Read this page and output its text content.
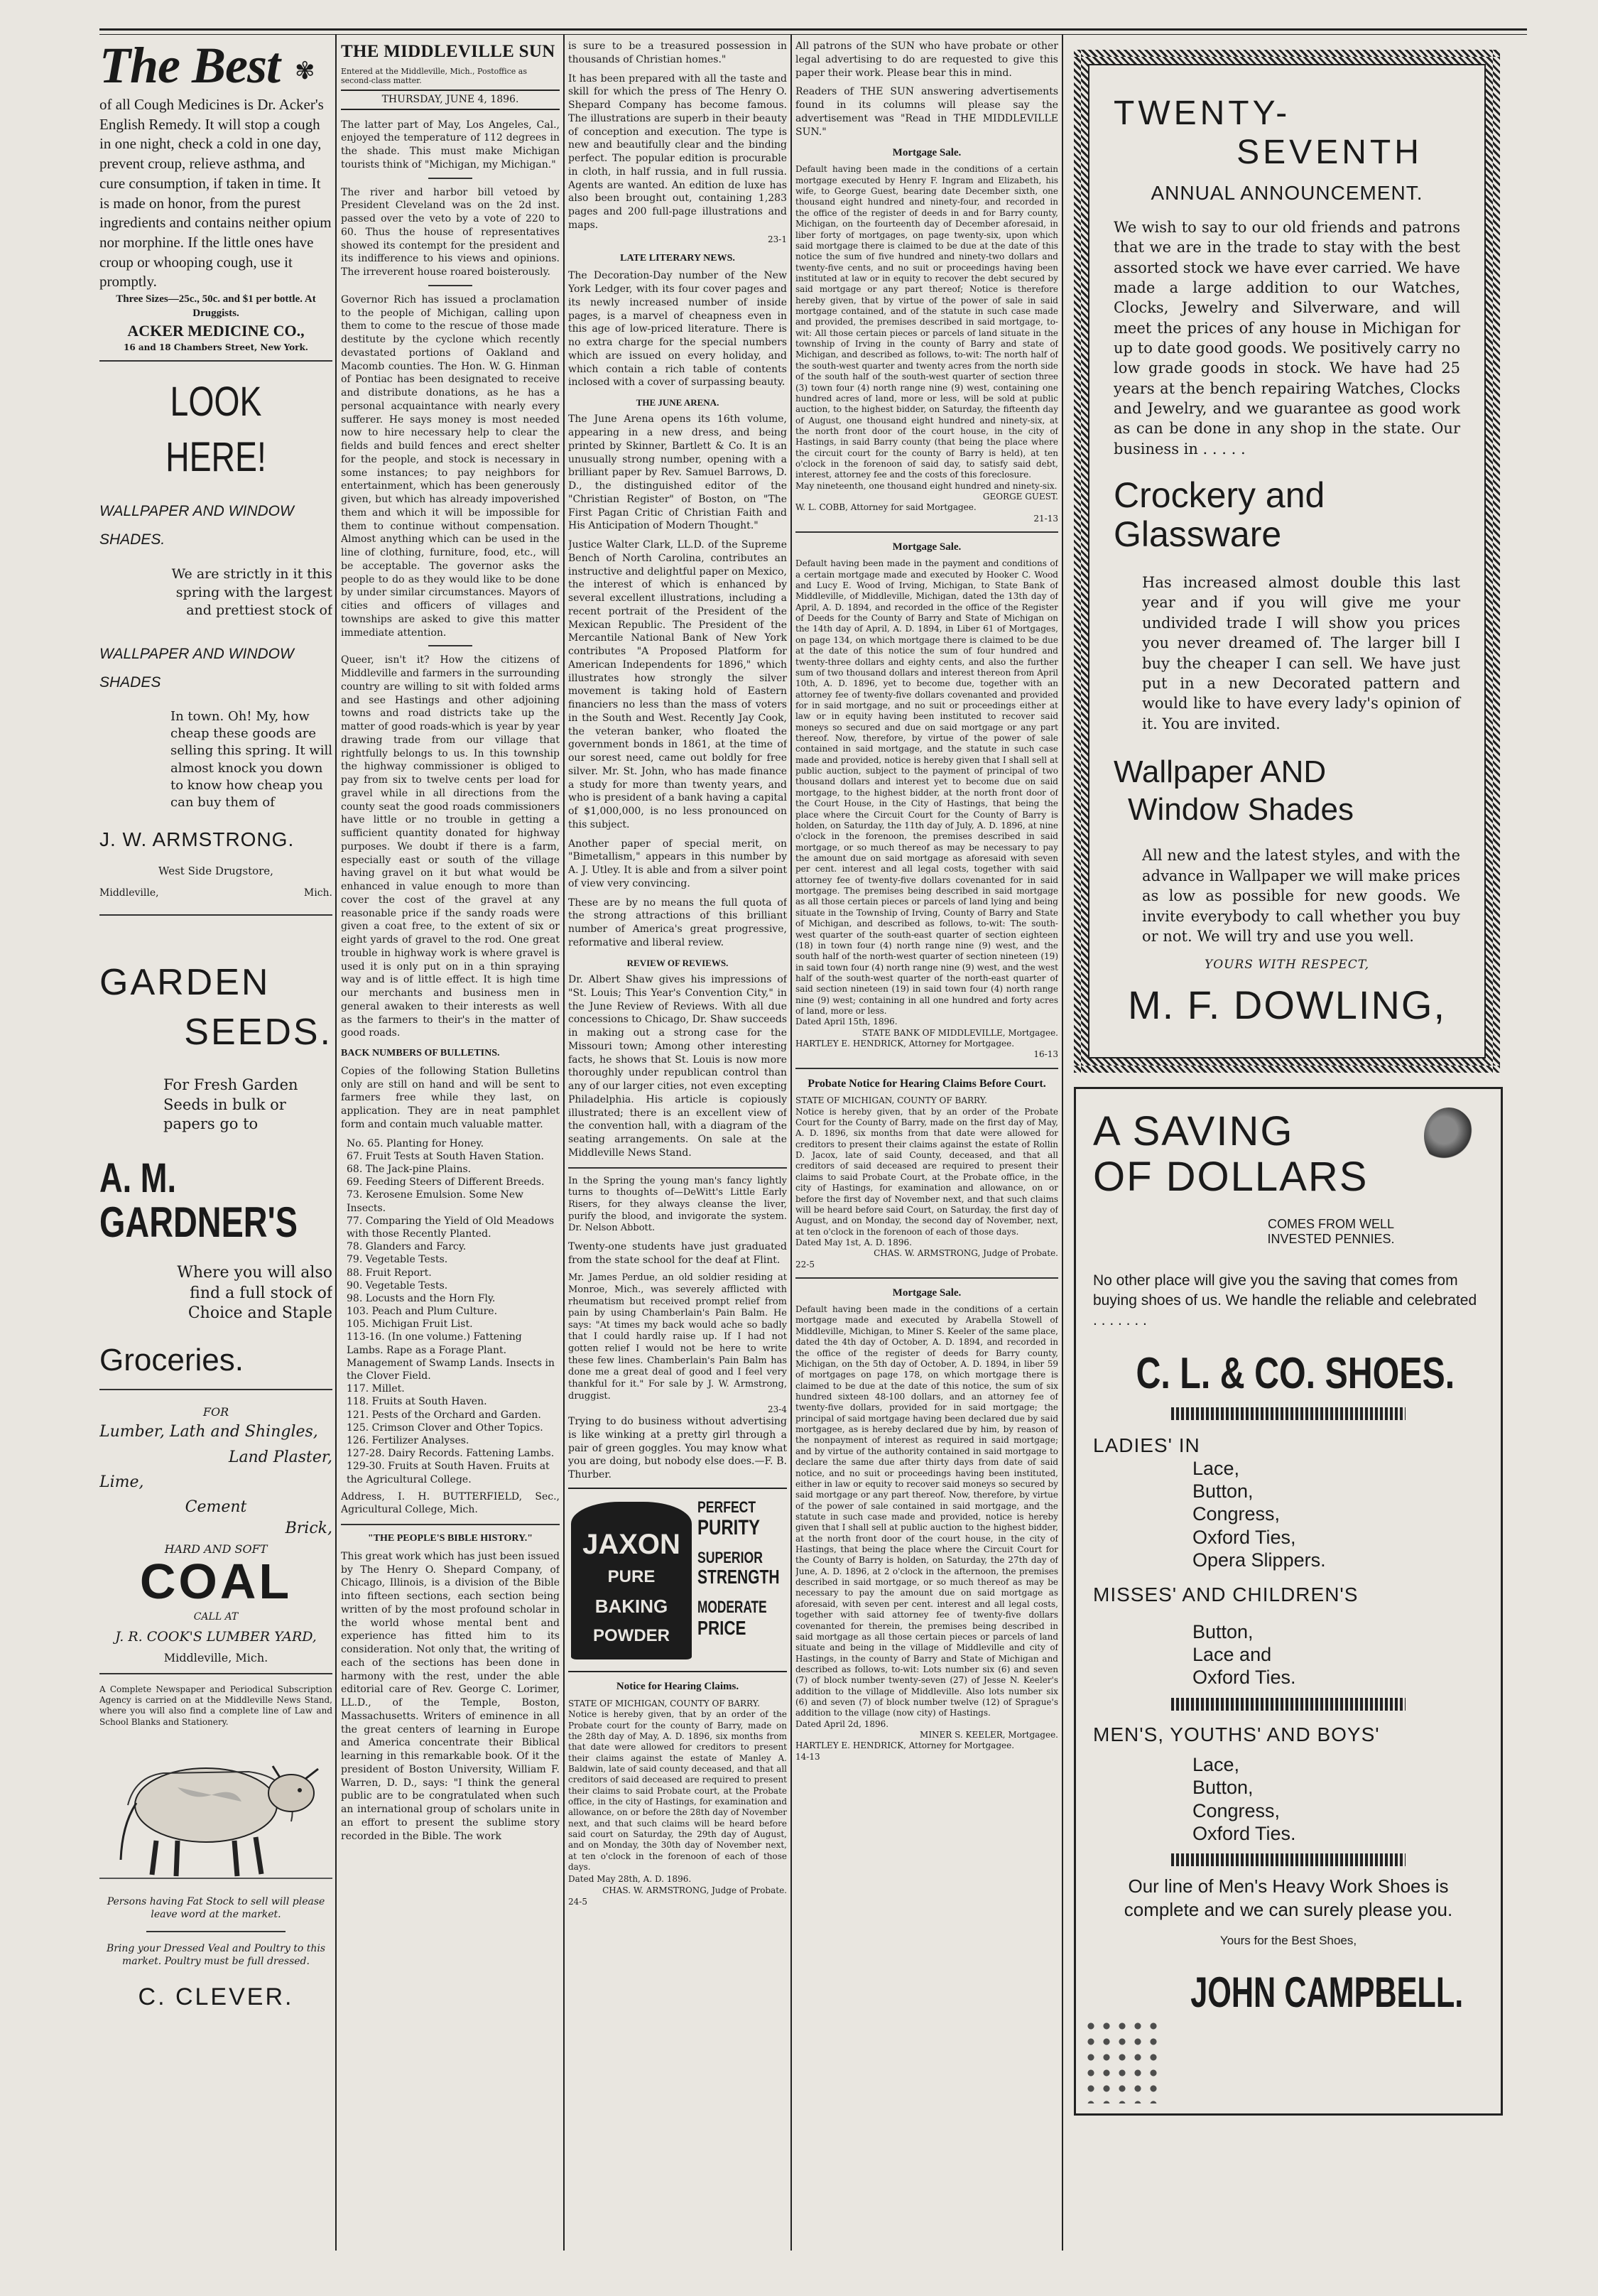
The Best ✾
of all Cough Medicines is Dr. Acker's English Remedy. It will stop a cough in one night, check a cold in one day, prevent croup, relieve asthma, and cure consumption, if taken in time. It is made on honor, from the purest ingredients and contains neither opium nor morphine. If the little ones have croup or whooping cough, use it promptly.
Three Sizes—25c., 50c. and $1 per bottle. At Druggists.
ACKER MEDICINE CO.,
16 and 18 Chambers Street, New York.
LOOK HERE!
WALLPAPER AND WINDOW SHADES.
We are strictly in it this spring with the largest and prettiest stock of
WALLPAPER AND WINDOW SHADES
In town. Oh! My, how cheap these goods are selling this spring. It will almost knock you down to know how cheap you can buy them of
J. W. ARMSTRONG.
West Side Drugstore,
Middleville,	Mich.
GARDEN
SEEDS.
For Fresh Garden Seeds in bulk or papers go to
A. M.
GARDNER'S
Where you will also find a full stock of Choice and Staple
Groceries.
FOR
Lumber, Lath and Shingles,
Land Plaster,
Lime,
Cement
Brick,
HARD AND SOFT
COAL
CALL AT
J. R. COOK'S LUMBER YARD,
Middleville, Mich.
A Complete Newspaper and Periodical Subscription Agency is carried on at the Middleville News Stand, where you will also find a complete line of Law and School Blanks and Stationery.
Persons having Fat Stock to sell will please leave word at the market.
Bring your Dressed Veal and Poultry to this market. Poultry must be full dressed.
C. CLEVER.
THE MIDDLEVILLE SUN
Entered at the Middleville, Mich., Postoffice as second-class matter.
THURSDAY, JUNE 4, 1896.
The latter part of May, Los Angeles, Cal., enjoyed the temperature of 112 degrees in the shade. This must make Michigan tourists think of "Michigan, my Michigan."
The river and harbor bill vetoed by President Cleveland was on the 2d inst. passed over the veto by a vote of 220 to 60. Thus the house of representatives showed its contempt for the president and its indifference to his views and opinions. The irreverent house roared boisterously.
Governor Rich has issued a proclamation to the people of Michigan, calling upon them to come to the rescue of those made destitute by the cyclone which recently devastated portions of Oakland and Macomb counties. The Hon. W. G. Hinman of Pontiac has been designated to receive and distribute donations, as he has a personal acquaintance with nearly every sufferer. He says money is most needed now to hire necessary help to clear the fields and build fences and erect shelter for the people, and stock is necessary in some instances; to pay neighbors for entertainment, which has been generously given, but which has already impoverished them and which it will be impossible for them to continue without compensation. Almost anything which can be used in the line of clothing, furniture, food, etc., will be acceptable. The governor asks the people to do as they would like to be done by under similar circumstances. Mayors of cities and officers of villages and townships are asked to give this matter immediate attention.
Queer, isn't it? How the citizens of Middleville and farmers in the surrounding country are willing to sit with folded arms and see Hastings and other adjoining towns and road districts take up the matter of good roads-which is year by year drawing trade from our village that rightfully belongs to us. In this township the highway commissioner is obliged to pay from six to twelve cents per load for gravel while in all directions from the county seat the good roads commissioners have little or no trouble in getting a sufficient quantity donated for highway purposes. We doubt if there is a farm, especially east or south of the village having gravel on it but what would be enhanced in value enough to more than cover the cost of the gravel at any reasonable price if the sandy roads were given a coat free, to the extent of six or eight yards of gravel to the rod. One great trouble in highway work is where gravel is used it is only put on in a thin spraying way and is of little effect. It is high time our merchants and business men in general awaken to their interests as well as the farmers to their's in the matter of good roads.
BACK NUMBERS OF BULLETINS.
Copies of the following Station Bulletins only are still on hand and will be sent to farmers free while they last, on application. They are in neat pamphlet form and contain much valuable matter.
No. 65. Planting for Honey.
67. Fruit Tests at South Haven Station.
68. The Jack-pine Plains.
69. Feeding Steers of Different Breeds.
73. Kerosene Emulsion. Some New Insects.
77. Comparing the Yield of Old Meadows with those Recently Planted.
78. Glanders and Farcy.
79. Vegetable Tests.
88. Fruit Report.
90. Vegetable Tests.
98. Locusts and the Horn Fly.
103. Peach and Plum Culture.
105. Michigan Fruit List.
113-16. (In one volume.) Fattening Lambs. Rape as a Forage Plant. Management of Swamp Lands. Insects in the Clover Field.
117. Millet.
118. Fruits at South Haven.
121. Pests of the Orchard and Garden.
125. Crimson Clover and Other Topics.
126. Fertilizer Analyses.
127-28. Dairy Records. Fattening Lambs.
129-30. Fruits at South Haven. Fruits at the Agricultural College.
Address, I. H. BUTTERFIELD, Sec., Agricultural College, Mich.
"THE PEOPLE'S BIBLE HISTORY."
This great work which has just been issued by The Henry O. Shepard Company, of Chicago, Illinois, is a division of the Bible into fifteen sections, each section being written of by the most profound scholar in the world whose mental bent and experience has fitted him to its consideration. Not only that, the writing of each of the sections has been done in harmony with the rest, under the able editorial care of Rev. George C. Lorimer, LL.D., of the Temple, Boston, Massachusetts. Writers of eminence in all the great centers of learning in Europe and America concentrate their Biblical learning in this remarkable book. Of it the president of Boston University, William F. Warren, D. D., says: "I think the general public are to be congratulated when such an international group of scholars unite in an effort to present the sublime story recorded in the Bible. The work
is sure to be a treasured possession in thousands of Christian homes."
It has been prepared with all the taste and skill for which the press of The Henry O. Shepard Company has become famous. The illustrations are superb in their beauty of conception and execution. The type is new and beautifully clear and the binding perfect. The popular edition is procurable in cloth, in half russia, and in full russia. Agents are wanted. An edition de luxe has also been brought out, containing 1,283 pages and 200 full-page illustrations and maps.
23-1
LATE LITERARY NEWS.
The Decoration-Day number of the New York Ledger, with its four cover pages and its newly increased number of inside pages, is a marvel of cheapness even in this age of low-priced literature. There is no extra charge for the special numbers which are issued on every holiday, and which contain a rich table of contents inclosed with a cover of surpassing beauty.
THE JUNE ARENA.
The June Arena opens its 16th volume, appearing in a new dress, and being printed by Skinner, Bartlett & Co. It is an unusually strong number, opening with a brilliant paper by Rev. Samuel Barrows, D. D., the distinguished editor of the "Christian Register" of Boston, on "The First Pagan Critic of Christian Faith and His Anticipation of Modern Thought."
Justice Walter Clark, LL.D. of the Supreme Bench of North Carolina, contributes an instructive and delightful paper on Mexico, the interest of which is enhanced by several excellent illustrations, including a recent portrait of the President of the Mexican Republic. The President of the Mercantile National Bank of New York contributes "A Proposed Platform for American Independents for 1896," which illustrates how strongly the silver movement is taking hold of Eastern financiers no less than the mass of voters in the South and West. Recently Jay Cook, the veteran banker, who floated the government bonds in 1861, at the time of our sorest need, came out boldly for free silver. Mr. St. John, who has made finance a study for more than twenty years, and who is president of a bank having a capital of $1,000,000, is no less pronounced on this subject.
Another paper of special merit, on "Bimetallism," appears in this number by A. J. Utley. It is able and from a silver point of view very convincing.
These are by no means the full quota of the strong attractions of this brilliant number of America's great progressive, reformative and liberal review.
REVIEW OF REVIEWS.
Dr. Albert Shaw gives his impressions of "St. Louis; This Year's Convention City," in the June Review of Reviews. With all due concessions to Chicago, Dr. Shaw succeeds in making out a strong case for the Missouri town; Among other interesting facts, he shows that St. Louis is now more thoroughly under republican control than any of our larger cities, not even excepting Philadelphia. His article is copiously illustrated; there is an excellent view of the convention hall, with a diagram of the seating arrangements. On sale at the Middleville News Stand.
In the Spring the young man's fancy lightly turns to thoughts of—DeWitt's Little Early Risers, for they always cleanse the liver, purify the blood, and invigorate the system. Dr. Nelson Abbott.
Twenty-one students have just graduated from the state school for the deaf at Flint.
Mr. James Perdue, an old soldier residing at Monroe, Mich., was severely afflicted with rheumatism but received prompt relief from pain by using Chamberlain's Pain Balm. He says: "At times my back would ache so badly that I could hardly raise up. If I had not gotten relief I would not be here to write these few lines. Chamberlain's Pain Balm has done me a great deal of good and I feel very thankful for it." For sale by J. W. Armstrong, druggist.
23-4
Trying to do business without advertising is like winking at a pretty girl through a pair of green goggles. You may know what you are doing, but nobody else does.—F. B. Thurber.
JAXON
PURE
BAKING
POWDER
PERFECT
PURITY
SUPERIOR
STRENGTH
MODERATE
PRICE
Notice for Hearing Claims.
STATE OF MICHIGAN, COUNTY OF BARRY.
Notice is hereby given, that by an order of the Probate court for the county of Barry, made on the 28th day of May, A. D. 1896, six months from that date were allowed for creditors to present their claims against the estate of Manley A. Baldwin, late of said county deceased, and that all creditors of said deceased are required to present their claims to said Probate court, at the Probate office, in the city of Hastings, for examination and allowance, on or before the 28th day of November next, and that such claims will be heard before said court on Saturday, the 29th day of August, and on Monday, the 30th day of November next, at ten o'clock in the forenoon of each of those days.
Dated May 28th, A. D. 1896.
CHAS. W. ARMSTRONG, Judge of Probate.
24-5
All patrons of the SUN who have probate or other legal advertising to do are requested to give this paper their work. Please bear this in mind.
Readers of THE SUN answering advertisements found in its columns will please say the advertisement was "Read in THE MIDDLEVILLE SUN."
Mortgage Sale.
Default having been made in the conditions of a certain mortgage executed by Henry F. Ingram and Elizabeth, his wife, to George Guest, bearing date December sixth, one thousand eight hundred and ninety-four, and recorded in the office of the register of deeds in and for Barry county, Michigan, on the fourteenth day of December aforesaid, in liber forty of mortgages, on page twenty-six, upon which said mortgage there is claimed to be due at the date of this notice the sum of five hundred and ninety-two dollars and twenty-five cents, and no suit or proceedings having been instituted at law or in equity to recover the debt secured by said mortgage or any part thereof; Notice is therefore hereby given, that by virtue of the power of sale in said mortgage contained, and of the statute in such case made and provided, the premises described in said mortgage, to-wit: All those certain pieces or parcels of land situate in the township of Irving in the county of Barry and state of Michigan, and described as follows, to-wit: The north half of the south-west quarter and twenty acres from the north side of the south half of the south-west quarter of section three (3) town four (4) north range nine (9) west, containing one hundred acres of land, more or less, will be sold at public auction, to the highest bidder, on Saturday, the fifteenth day of August, one thousand eight hundred and ninety-six, at the north front door of the court house, in the city of Hastings, in said Barry county (that being the place where the circuit court for the county of Barry is held), at ten o'clock in the forenoon of said day, to satisfy said debt, interest, attorney fee and the costs of this foreclosure.
May nineteenth, one thousand eight hundred and ninety-six.
GEORGE GUEST.
W. L. COBB, Attorney for said Mortgagee.
21-13
Mortgage Sale.
Default having been made in the payment and conditions of a certain mortgage made and executed by Hooker C. Wood and Lucy E. Wood of Irving, Michigan, to State Bank of Middleville, of Middleville, Michigan, dated the 13th day of April, A. D. 1894, and recorded in the office of the Register of Deeds for the County of Barry and State of Michigan on the 14th day of April, A. D. 1894, in Liber 61 of Mortgages, on page 134, on which mortgage there is claimed to be due at the date of this notice the sum of four hundred and twenty-three dollars and eighty cents, and also the further sum of two thousand dollars and interest thereon from April 10th, A. D. 1896, yet to become due, together with an attorney fee of twenty-five dollars covenanted and provided for in said mortgage, and no suit or proceedings either at law or in equity having been instituted to recover said moneys so secured and due on said mortgage or any part thereof. Now, therefore, by virtue of the power of sale contained in said mortgage, and the statute in such case made and provided, notice is hereby given that I shall sell at public auction, subject to the payment of principal of two thousand dollars and interest yet to become due on said mortgage, to the highest bidder, at the north front door of the Court House, in the City of Hastings, that being the place where the Circuit Court for the County of Barry is holden, on Saturday, the 11th day of July, A. D. 1896, at nine o'clock in the forenoon, the premises described in said mortgage, or so much thereof as may be necessary to pay the amount due on said mortgage as aforesaid with seven per cent. interest and all legal costs, together with said attorney fee of twenty-five dollars covenanted for in said mortgage. The premises being described in said mortgage as all those certain pieces or parcels of land lying and being situate in the Township of Irving, County of Barry and State of Michigan, and described as follows, to-wit: The south-west quarter of the south-east quarter of section eighteen (18) in town four (4) north range nine (9) west, and the south half of the north-west quarter of section nineteen (19) in said town four (4) north range nine (9) west, and the west half of the south-west quarter of the north-east quarter of said section nineteen (19) in said town four (4) north range nine (9) west; containing in all one hundred and forty acres of land, more or less.
Dated April 15th, 1896.
STATE BANK OF MIDDLEVILLE, Mortgagee.
HARTLEY E. HENDRICK, Attorney for Mortgagee.
16-13
Probate Notice for Hearing Claims Before Court.
STATE OF MICHIGAN, COUNTY OF BARRY.
Notice is hereby given, that by an order of the Probate Court for the County of Barry, made on the first day of May, A. D. 1896, six months from that date were allowed for creditors to present their claims against the estate of Rollin D. Jacox, late of said County, deceased, and that all creditors of said deceased are required to present their claims to said Probate Court, at the Probate office, in the city of Hastings, for examination and allowance, on or before the first day of November next, and that such claims will be heard before said Court, on Saturday, the first day of August, and on Monday, the second day of November, next, at ten o'clock in the forenoon of each of those days.
Dated May 1st, A. D. 1896.
CHAS. W. ARMSTRONG, Judge of Probate.
22-5
Mortgage Sale.
Default having been made in the conditions of a certain mortgage made and executed by Arabella Stowell of Middleville, Michigan, to Miner S. Keeler of the same place, dated the 4th day of October, A. D. 1894, and recorded in the office of the register of deeds for Barry county, Michigan, on the 5th day of October, A. D. 1894, in liber 59 of mortgages on page 178, on which mortgage there is claimed to be due at the date of this notice, the sum of six hundred sixteen 48-100 dollars, and an attorney fee of twenty-five dollars, provided for in said mortgage; the principal of said mortgage having been declared due by said mortgagee, as is hereby declared due by him, by reason of the nonpayment of interest as required in said mortgage; and by virtue of the authority contained in said mortgage to declare the same due after thirty days from date of said notice, and no suit or proceedings having been instituted, either in law or equity to recover said moneys so secured by said mortgage or any part thereof. Now, therefore, by virtue of the power of sale contained in said mortgage, and the statute in such case made and provided, notice is hereby given that I shall sell at public auction to the highest bidder, at the north front door of the court house, in the city of Hastings, that being the place where the Circuit Court for the County of Barry is holden, on Saturday, the 27th day of June, A. D. 1896, at 2 o'clock in the afternoon, the premises described in said mortgage, or so much thereof as may be necessary to pay the amount due on said mortgage as aforesaid, with seven per cent. interest and all legal costs, together with said attorney fee of twenty-five dollars covenanted for therein, the premises being described in said mortgage as all those certain pieces or parcels of land situate and being in the village of Middleville and city of Hastings, in the county of Barry and State of Michigan and described as follows, to-wit: Lots number six (6) and seven (7) of block number twenty-seven (27) of Jesse N. Keeler's addition to the village of Middleville. Also lots number six (6) and seven (7) of block number twelve (12) of Sprague's addition to the village (now city) of Hastings.
Dated April 2d, 1896.
MINER S. KEELER, Mortgagee.
HARTLEY E. HENDRICK, Attorney for Mortgagee.
14-13
TWENTY-
SEVENTH
ANNUAL ANNOUNCEMENT.
We wish to say to our old friends and patrons that we are in the trade to stay with the best assorted stock we have ever carried. We have made a large addition to our Watches, Clocks, Jewelry and Silverware, and will meet the prices of any house in Michigan for up to date good goods. We positively carry no low grade goods in stock. We have had 25 years at the bench repairing Watches, Clocks and Jewelry, and we guarantee as good work as can be done in any shop in the state. Our business in . . . . .
Crockery and
Glassware
Has increased almost double this last year and if you will give me your undivided trade I will show you prices you never dreamed of. The larger bill I buy the cheaper I can sell. We have just put in a new Decorated pattern and would like to have every lady's opinion of it. You are invited.
Wallpaper AND
Window Shades
All new and the latest styles, and with the advance in Wallpaper we will make prices as low as possible for new goods. We invite everybody to call whether you buy or not. We will try and use you well.
YOURS WITH RESPECT,
M. F. DOWLING,
A SAVING
OF DOLLARS
COMES FROM WELL
INVESTED PENNIES.
No other place will give you the saving that comes from buying shoes of us. We handle the reliable and celebrated . . . . . . .
C. L. & CO. SHOES.
LADIES' IN
Lace,
Button,
Congress,
Oxford Ties,
Opera Slippers.
MISSES' AND CHILDREN'S
Button,
Lace and
Oxford Ties.
MEN'S, YOUTHS' AND BOYS'
Lace,
Button,
Congress,
Oxford Ties.
Our line of Men's Heavy Work Shoes is complete and we can surely please you.
Yours for the Best Shoes,
JOHN CAMPBELL.
